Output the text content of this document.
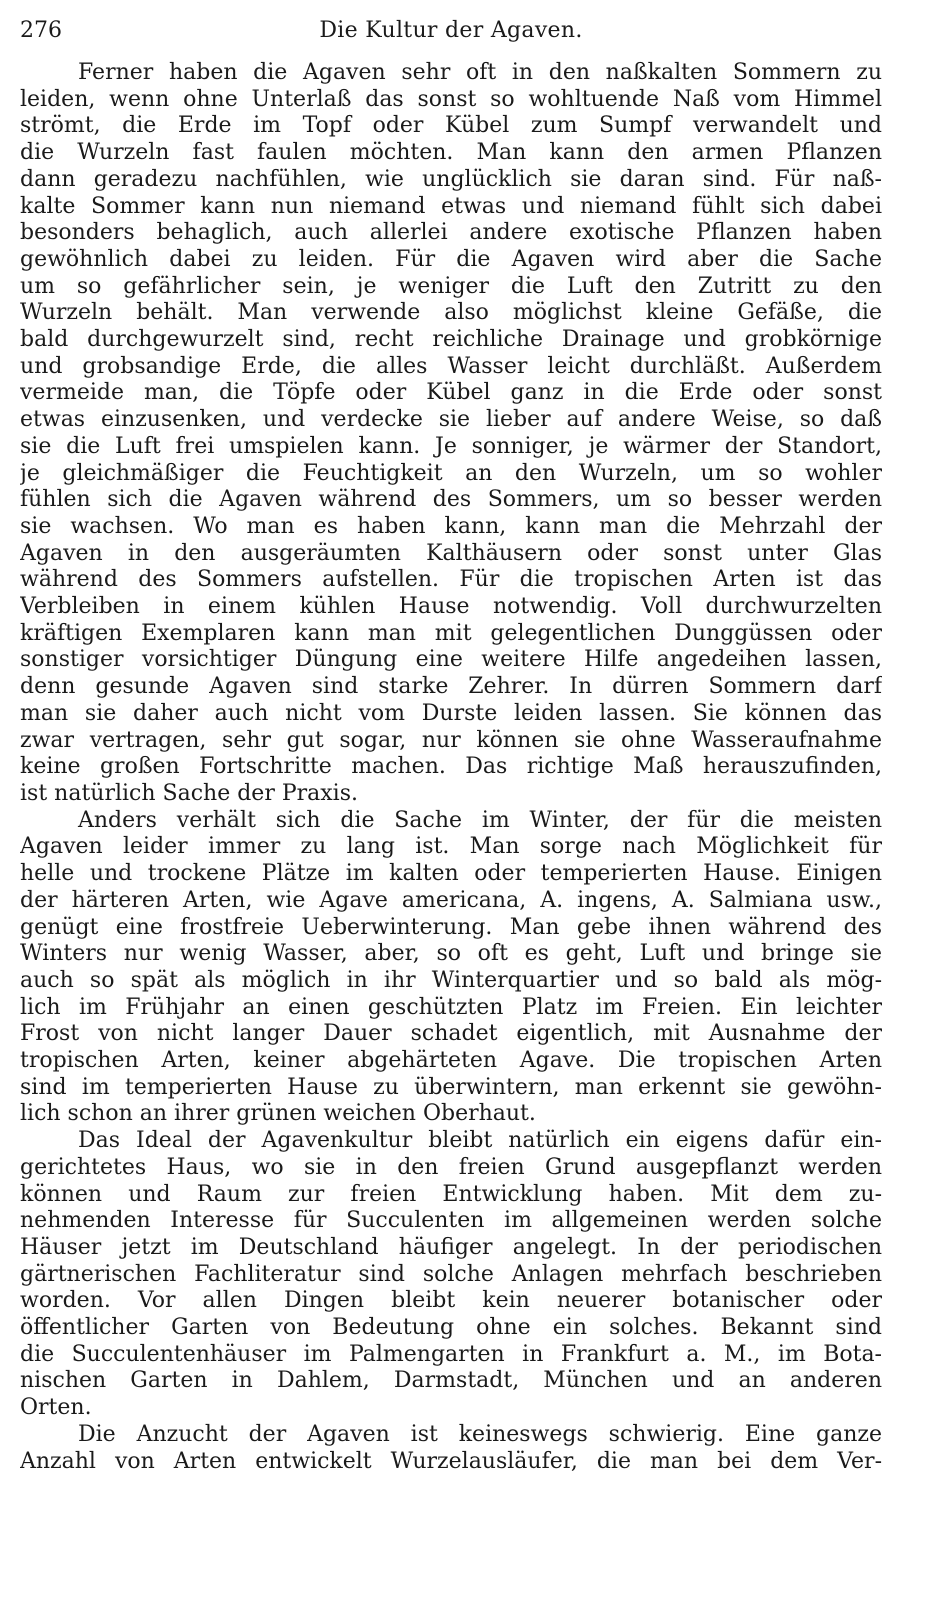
276	Die Kultur der Agaven.
Ferner haben die Agaven sehr oft in den naßkalten Sommern zu
leiden, wenn ohne Unterlaß das sonst so wohltuende Naß vom Himmel
strömt, die Erde im Topf oder Kübel zum Sumpf verwandelt und
die Wurzeln fast faulen möchten. Man kann den armen Pflanzen
dann geradezu nachfühlen, wie unglücklich sie daran sind. Für naß-
kalte Sommer kann nun niemand etwas und niemand fühlt sich dabei
besonders behaglich, auch allerlei andere exotische Pflanzen haben
gewöhnlich dabei zu leiden. Für die Agaven wird aber die Sache
um so gefährlicher sein, je weniger die Luft den Zutritt zu den
Wurzeln behält. Man verwende also möglichst kleine Gefäße, die
bald durchgewurzelt sind, recht reichliche Drainage und grobkörnige
und grobsandige Erde, die alles Wasser leicht durchläßt. Außerdem
vermeide man, die Töpfe oder Kübel ganz in die Erde oder sonst
etwas einzusenken, und verdecke sie lieber auf andere Weise, so daß
sie die Luft frei umspielen kann. Je sonniger, je wärmer der Standort,
je gleichmäßiger die Feuchtigkeit an den Wurzeln, um so wohler
fühlen sich die Agaven während des Sommers, um so besser werden
sie wachsen. Wo man es haben kann, kann man die Mehrzahl der
Agaven in den ausgeräumten Kalthäusern oder sonst unter Glas
während des Sommers aufstellen. Für die tropischen Arten ist das
Verbleiben in einem kühlen Hause notwendig. Voll durchwurzelten
kräftigen Exemplaren kann man mit gelegentlichen Dunggüssen oder
sonstiger vorsichtiger Düngung eine weitere Hilfe angedeihen lassen,
denn gesunde Agaven sind starke Zehrer. In dürren Sommern darf
man sie daher auch nicht vom Durste leiden lassen. Sie können das
zwar vertragen, sehr gut sogar, nur können sie ohne Wasseraufnahme
keine großen Fortschritte machen. Das richtige Maß herauszufinden,
ist natürlich Sache der Praxis.
Anders verhält sich die Sache im Winter, der für die meisten
Agaven leider immer zu lang ist. Man sorge nach Möglichkeit für
helle und trockene Plätze im kalten oder temperierten Hause. Einigen
der härteren Arten, wie Agave americana, A. ingens, A. Salmiana usw.,
genügt eine frostfreie Ueberwinterung. Man gebe ihnen während des
Winters nur wenig Wasser, aber, so oft es geht, Luft und bringe sie
auch so spät als möglich in ihr Winterquartier und so bald als mög-
lich im Frühjahr an einen geschützten Platz im Freien. Ein leichter
Frost von nicht langer Dauer schadet eigentlich, mit Ausnahme der
tropischen Arten, keiner abgehärteten Agave. Die tropischen Arten
sind im temperierten Hause zu überwintern, man erkennt sie gewöhn-
lich schon an ihrer grünen weichen Oberhaut.
Das Ideal der Agavenkultur bleibt natürlich ein eigens dafür ein-
gerichtetes Haus, wo sie in den freien Grund ausgepflanzt werden
können und Raum zur freien Entwicklung haben. Mit dem zu-
nehmenden Interesse für Succulenten im allgemeinen werden solche
Häuser jetzt im Deutschland häufiger angelegt. In der periodischen
gärtnerischen Fachliteratur sind solche Anlagen mehrfach beschrieben
worden. Vor allen Dingen bleibt kein neuerer botanischer oder
öffentlicher Garten von Bedeutung ohne ein solches. Bekannt sind
die Succulentenhäuser im Palmengarten in Frankfurt a. M., im Bota-
nischen Garten in Dahlem, Darmstadt, München und an anderen
Orten.
Die Anzucht der Agaven ist keineswegs schwierig. Eine ganze
Anzahl von Arten entwickelt Wurzelausläufer, die man bei dem Ver-
